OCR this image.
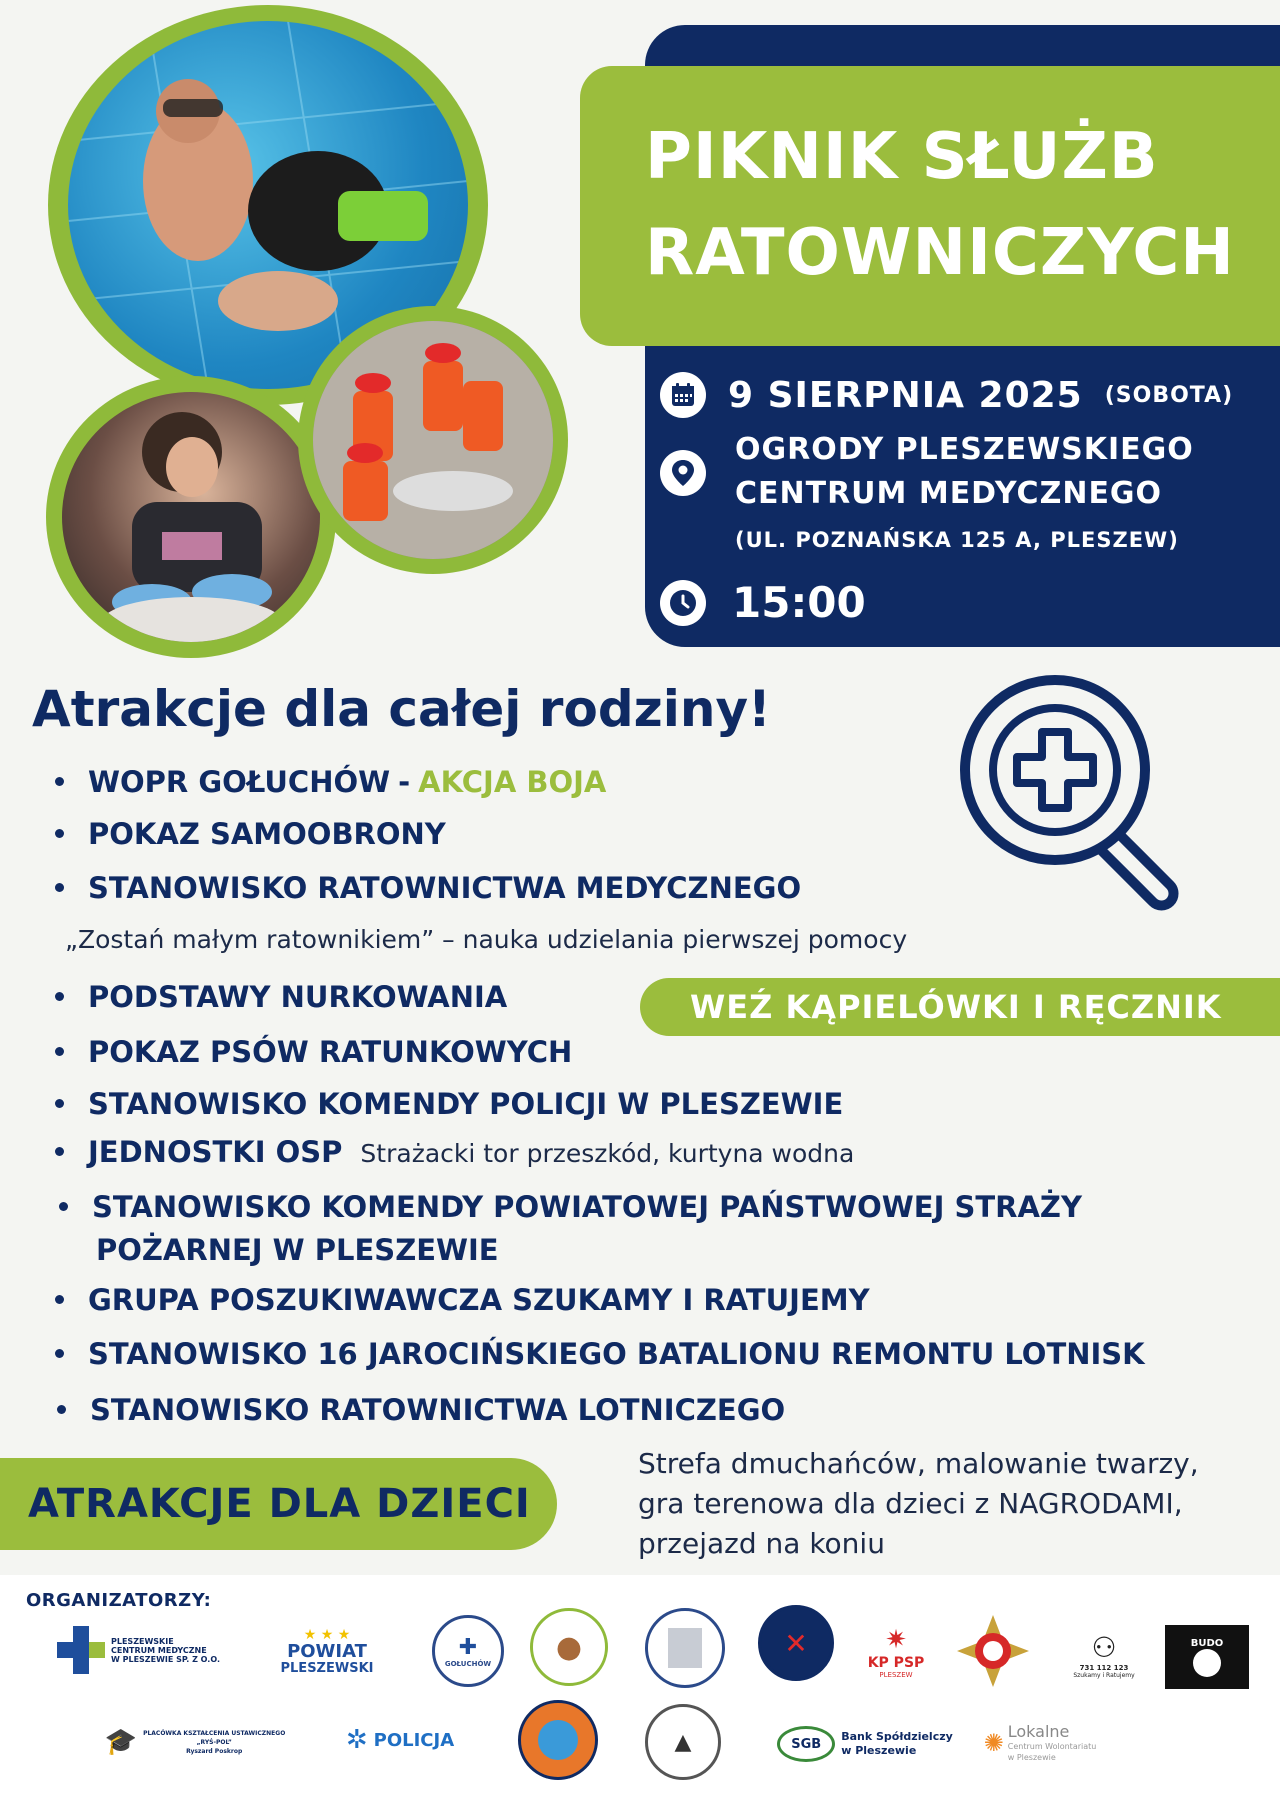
PIKNIK SŁUŻB
RATOWNICZYCH
9 SIERPNIA 2025 (SOBOTA)
OGRODY PLESZEWSKIEGO
CENTRUM MEDYCZNEGO
(UL. POZNAŃSKA 125 A, PLESZEW)
15:00
Atrakcje dla całej rodziny!
WOPR GOŁUCHÓW - AKCJA BOJA
POKAZ SAMOOBRONY
STANOWISKO RATOWNICTWA MEDYCZNEGO
PODSTAWY NURKOWANIA
POKAZ PSÓW RATUNKOWYCH
STANOWISKO KOMENDY POLICJI W PLESZEWIE
JEDNOSTKI OSP Strażacki tor przeszkód, kurtyna wodna
STANOWISKO KOMENDY POWIATOWEJ PAŃSTWOWEJ STRAŻY
POŻARNEJ W PLESZEWIE
GRUPA POSZUKIWAWCZA SZUKAMY I RATUJEMY
STANOWISKO 16 JAROCIŃSKIEGO BATALIONU REMONTU LOTNISK
STANOWISKO RATOWNICTWA LOTNICZEGO
„Zostań małym ratownikiem” – nauka udzielania pierwszej pomocy
WEŹ KĄPIELÓWKI I RĘCZNIK
ATRAKCJE DLA DZIECI
Strefa dmuchańców, malowanie twarzy,
gra terenowa dla dzieci z NAGRODAMI,
przejazd na koniu
ORGANIZATORZY:
PLESZEWSKIE
CENTRUM MEDYCZNE
W PLESZEWIE SP. Z O.O.
★ ★ ★
POWIAT
PLESZEWSKI
✚
GOŁUCHÓW ●	✕	✷
KP PSP
PLESZEW
⚇
731 112 123
Szukamy i Ratujemy
BUDO
🎓 PLACÓWKA KSZTAŁCENIA USTAWICZNEGO
„RYŚ-POL”
Ryszard Poskrop	✲ POLICJA	▲	SGB	Bank Spółdzielczy
w Pleszewie	✺ Lokalne
Centrum Wolontariatu
w Pleszewie
